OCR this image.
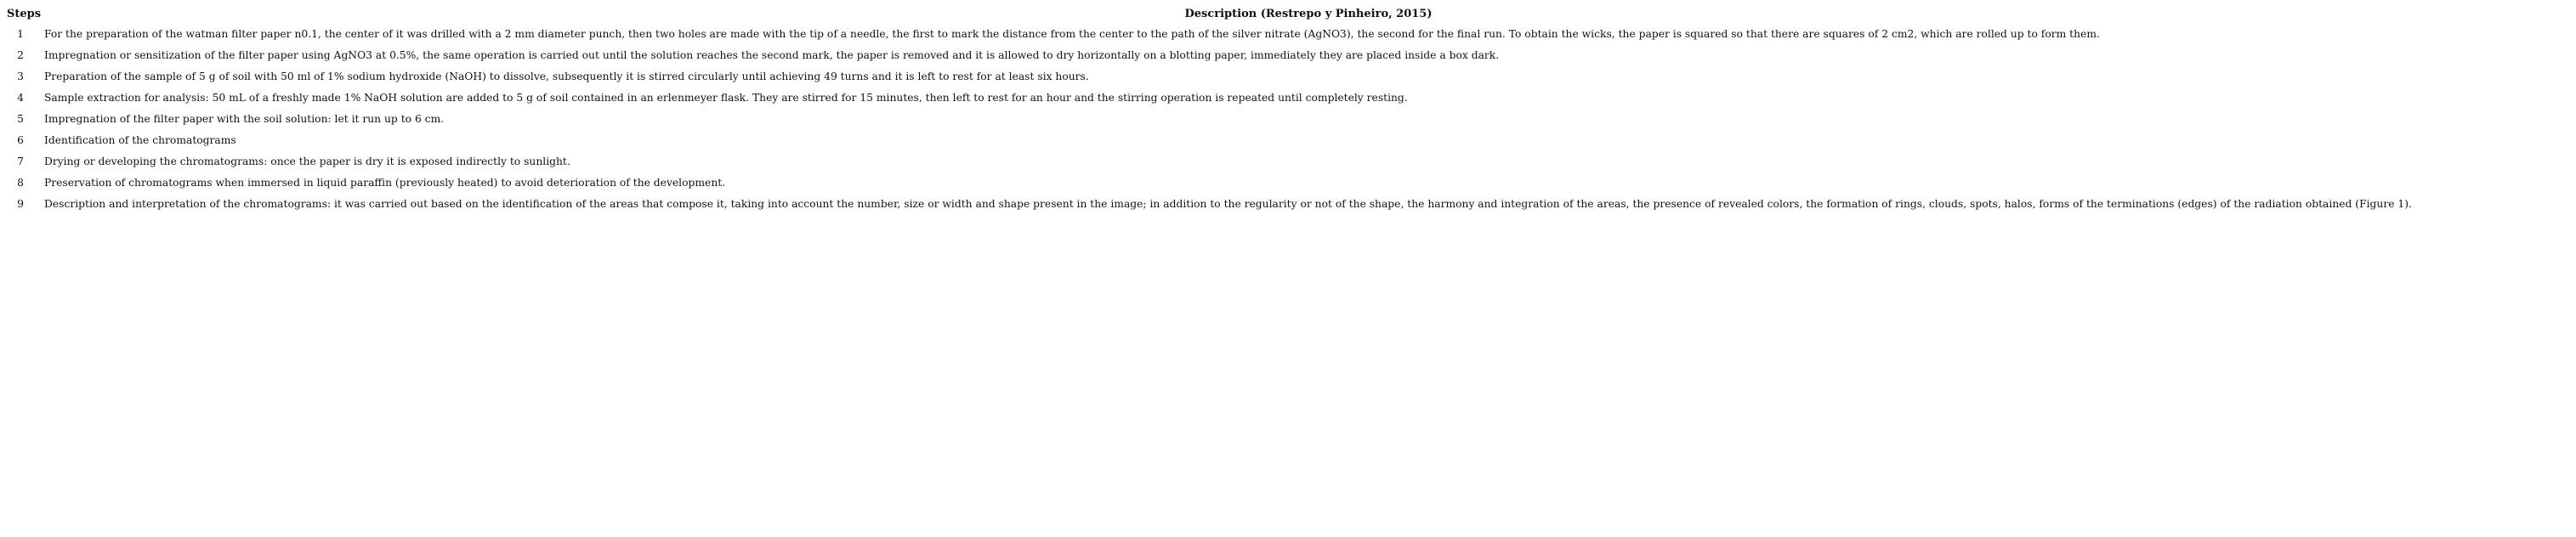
Steps	Description (Restrepo y Pinheiro, 2015)
1	For the preparation of the watman filter paper n0.1, the center of it was drilled with a 2 mm diameter punch, then two holes are made with the tip of a needle, the first to mark the distance from the center to the path of the silver nitrate (AgNO3), the second for the final run. To obtain the wicks, the paper is squared so that there are squares of 2 cm2, which are rolled up to form them.
2	Impregnation or sensitization of the filter paper using AgNO3 at 0.5%, the same operation is carried out until the solution reaches the second mark, the paper is removed and it is allowed to dry horizontally on a blotting paper, immediately they are placed inside a box dark.
3	Preparation of the sample of 5 g of soil with 50 ml of 1% sodium hydroxide (NaOH) to dissolve, subsequently it is stirred circularly until achieving 49 turns and it is left to rest for at least six hours.
4	Sample extraction for analysis: 50 mL of a freshly made 1% NaOH solution are added to 5 g of soil contained in an erlenmeyer flask. They are stirred for 15 minutes, then left to rest for an hour and the stirring operation is repeated until completely resting.
5	Impregnation of the filter paper with the soil solution: let it run up to 6 cm.
6	Identification of the chromatograms
7	Drying or developing the chromatograms: once the paper is dry it is exposed indirectly to sunlight.
8	Preservation of chromatograms when immersed in liquid paraffin (previously heated) to avoid deterioration of the development.
9	Description and interpretation of the chromatograms: it was carried out based on the identification of the areas that compose it, taking into account the number, size or width and shape present in the image; in addition to the regularity or not of the shape, the harmony and integration of the areas, the presence of revealed colors, the formation of rings, clouds, spots, halos, forms of the terminations (edges) of the radiation obtained (Figure 1).
